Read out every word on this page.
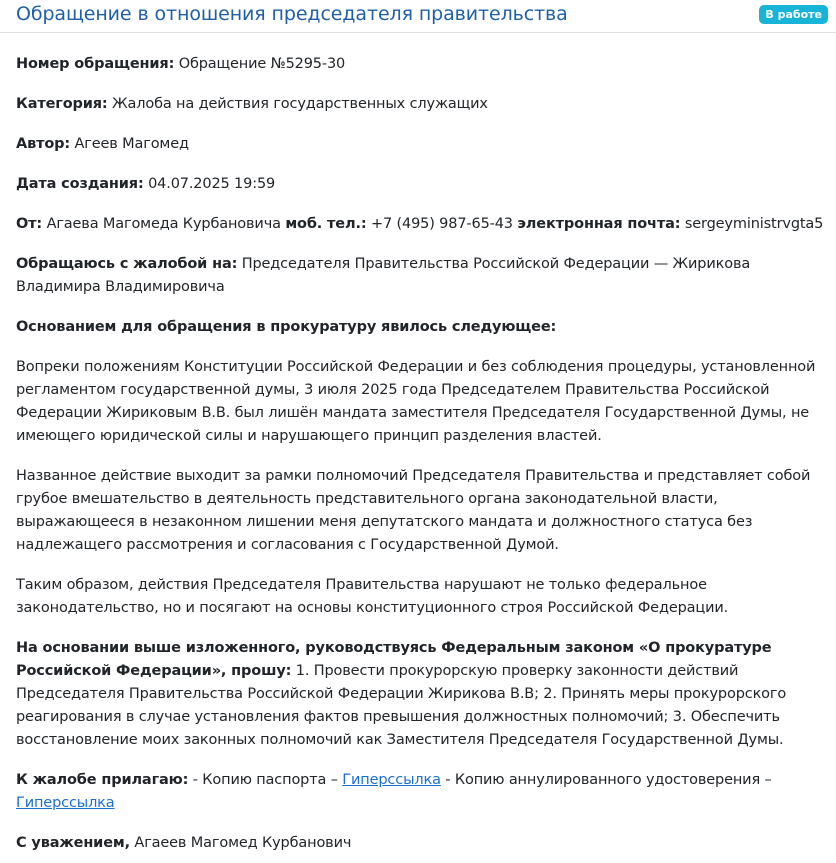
Обращение в отношения председателя правительства	В работе

Номер обращения: Обращение №5295-30

Категория: Жалоба на действия государственных служащих

Автор: Агеев Магомед

Дата создания: 04.07.2025 19:59

От: Агаева Магомеда Курбановича моб. тел.: +7 (495) 987-65-43 электронная почта: sergeyministrvgta5

Обращаюсь с жалобой на: Председателя Правительства Российской Федерации — Жирикова Владимира Владимировича

Основанием для обращения в прокуратуру явилось следующее:

Вопреки положениям Конституции Российской Федерации и без соблюдения процедуры, установленной регламентом государственной думы, 3 июля 2025 года Председателем Правительства Российской Федерации Жириковым В.В. был лишён мандата заместителя Председателя Государственной Думы, не имеющего юридической силы и нарушающего принцип разделения властей.

Названное действие выходит за рамки полномочий Председателя Правительства и представляет собой грубое вмешательство в деятельность представительного органа законодательной власти, выражающееся в незаконном лишении меня депутатского мандата и должностного статуса без надлежащего рассмотрения и согласования с Государственной Думой.

Таким образом, действия Председателя Правительства нарушают не только федеральное законодательство, но и посягают на основы конституционного строя Российской Федерации.

На основании выше изложенного, руководствуясь Федеральным законом «О прокуратуре Российской Федерации», прошу: 1. Провести прокурорскую проверку законности действий Председателя Правительства Российской Федерации Жирикова В.В; 2. Принять меры прокурорского реагирования в случае установления фактов превышения должностных полномочий; 3. Обеспечить восстановление моих законных полномочий как Заместителя Председателя Государственной Думы.

К жалобе прилагаю: - Копию паспорта – Гиперссылка - Копию аннулированного удостоверения – Гиперссылка

С уважением, Агаеев Магомед Курбанович
